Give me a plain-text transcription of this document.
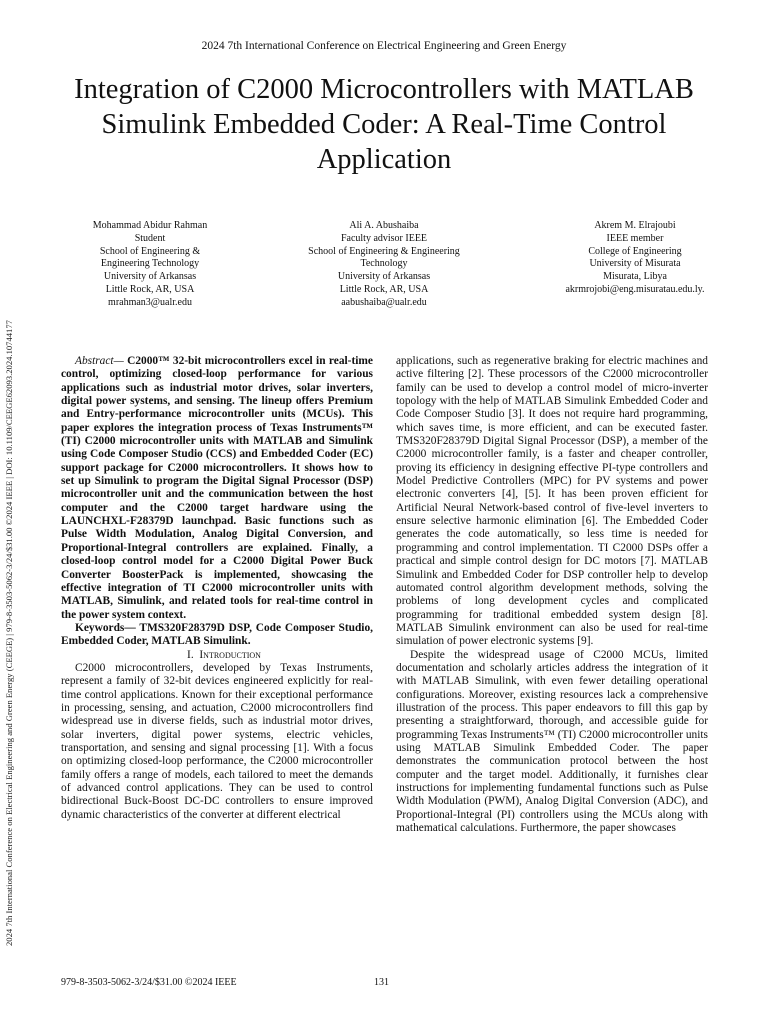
2024 7th International Conference on Electrical Engineering and Green Energy
Integration of C2000 Microcontrollers with MATLAB Simulink Embedded Coder: A Real-Time Control Application
2024 7th International Conference on Electrical Engineering and Green Energy (CEEGE) | 979-8-3503-5062-3/24/$31.00 ©2024 IEEE | DOI: 10.1109/CEEGE62093.2024.10744177
Mohammad Abidur Rahman
Student
School of Engineering &
Engineering Technology
University of Arkansas
Little Rock, AR, USA
mrahman3@ualr.edu
Ali A. Abushaiba
Faculty advisor IEEE
School of Engineering & Engineering
Technology
University of Arkansas
Little Rock, AR, USA
aabushaiba@ualr.edu
Akrem M. Elrajoubi
IEEE member
College of Engineering
University of Misurata
Misurata, Libya
akrmrojobi@eng.misuratau.edu.ly.

Abstract— C2000™ 32-bit microcontrollers excel in real-time control, optimizing closed-loop performance for various applications such as industrial motor drives, solar inverters, digital power systems, and sensing. The lineup offers Premium and Entry-performance microcontroller units (MCUs). This paper explores the integration process of Texas Instruments™ (TI) C2000 microcontroller units with MATLAB and Simulink using Code Composer Studio (CCS) and Embedded Coder (EC) support package for C2000 microcontrollers. It shows how to set up Simulink to program the Digital Signal Processor (DSP) microcontroller unit and the communication between the host computer and the C2000 target hardware using the LAUNCHXL-F28379D launchpad. Basic functions such as Pulse Width Modulation, Analog Digital Conversion, and Proportional-Integral controllers are explained. Finally, a closed-loop control model for a C2000 Digital Power Buck Converter BoosterPack is implemented, showcasing the effective integration of TI C2000 microcontroller units with MATLAB, Simulink, and related tools for real-time control in the power system context.

Keywords— TMS320F28379D DSP, Code Composer Studio, Embedded Coder, MATLAB Simulink.

I. Introduction

C2000 microcontrollers, developed by Texas Instruments, represent a family of 32-bit devices engineered explicitly for real-time control applications. Known for their exceptional performance in processing, sensing, and actuation, C2000 microcontrollers find widespread use in diverse fields, such as industrial motor drives, solar inverters, digital power systems, electric vehicles, transportation, and sensing and signal processing [1]. With a focus on optimizing closed-loop performance, the C2000 microcontroller family offers a range of models, each tailored to meet the demands of advanced control applications. They can be used to control bidirectional Buck-Boost DC-DC controllers to ensure improved dynamic characteristics of the converter at different electrical

applications, such as regenerative braking for electric machines and active filtering [2]. These processors of the C2000 microcontroller family can be used to develop a control model of micro-inverter topology with the help of MATLAB Simulink Embedded Coder and Code Composer Studio [3]. It does not require hard programming, which saves time, is more efficient, and can be executed faster. TMS320F28379D Digital Signal Processor (DSP), a member of the C2000 microcontroller family, is a faster and cheaper controller, proving its efficiency in designing effective PI-type controllers and Model Predictive Controllers (MPC) for PV systems and power electronic converters [4], [5]. It has been proven efficient for Artificial Neural Network-based control of five-level inverters to ensure selective harmonic elimination [6]. The Embedded Coder generates the code automatically, so less time is needed for programming and control implementation. TI C2000 DSPs offer a practical and simple control design for DC motors [7]. MATLAB Simulink and Embedded Coder for DSP controller help to develop automated control algorithm development methods, solving the problems of long development cycles and complicated programming for traditional embedded system design [8]. MATLAB Simulink environment can also be used for real-time simulation of power electronic systems [9].

Despite the widespread usage of C2000 MCUs, limited documentation and scholarly articles address the integration of it with MATLAB Simulink, with even fewer detailing operational configurations. Moreover, existing resources lack a comprehensive illustration of the process. This paper endeavors to fill this gap by presenting a straightforward, thorough, and accessible guide for programming Texas Instruments™ (TI) C2000 microcontroller units using MATLAB Simulink Embedded Coder. The paper demonstrates the communication protocol between the host computer and the target model. Additionally, it furnishes clear instructions for implementing fundamental functions such as Pulse Width Modulation (PWM), Analog Digital Conversion (ADC), and Proportional-Integral (PI) controllers using the MCUs along with mathematical calculations. Furthermore, the paper showcases

979-8-3503-5062-3/24/$31.00 ©2024 IEEE	131
